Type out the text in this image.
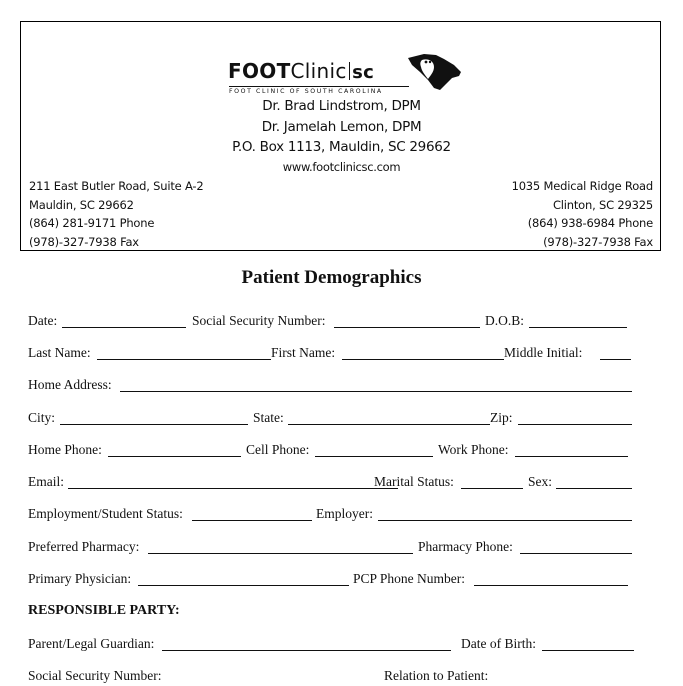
FOOTClinic sc
FOOT CLINIC OF SOUTH CAROLINA
Dr. Brad Lindstrom, DPM
Dr. Jamelah Lemon, DPM
P.O. Box 1113, Mauldin, SC 29662
www.footclinicsc.com
211 East Butler Road, Suite A-2
Mauldin, SC 29662
(864) 281-9171 Phone
(978)-327-7938 Fax
1035 Medical Ridge Road
Clinton, SC 29325
(864) 938-6984 Phone
(978)-327-7938 Fax
Patient Demographics
Date:	Social Security Number:	D.O.B:
Last Name:	First Name:	Middle Initial:
Home Address:
City:	State:	Zip:
Home Phone:	Cell Phone:	Work Phone:
Email:	Marital Status:	Sex:
Employment/Student Status:	Employer:
Preferred Pharmacy:	Pharmacy Phone:
Primary Physician:	PCP Phone Number:
RESPONSIBLE PARTY:
Parent/Legal Guardian:	Date of Birth:
Social Security Number:	Relation to Patient:
